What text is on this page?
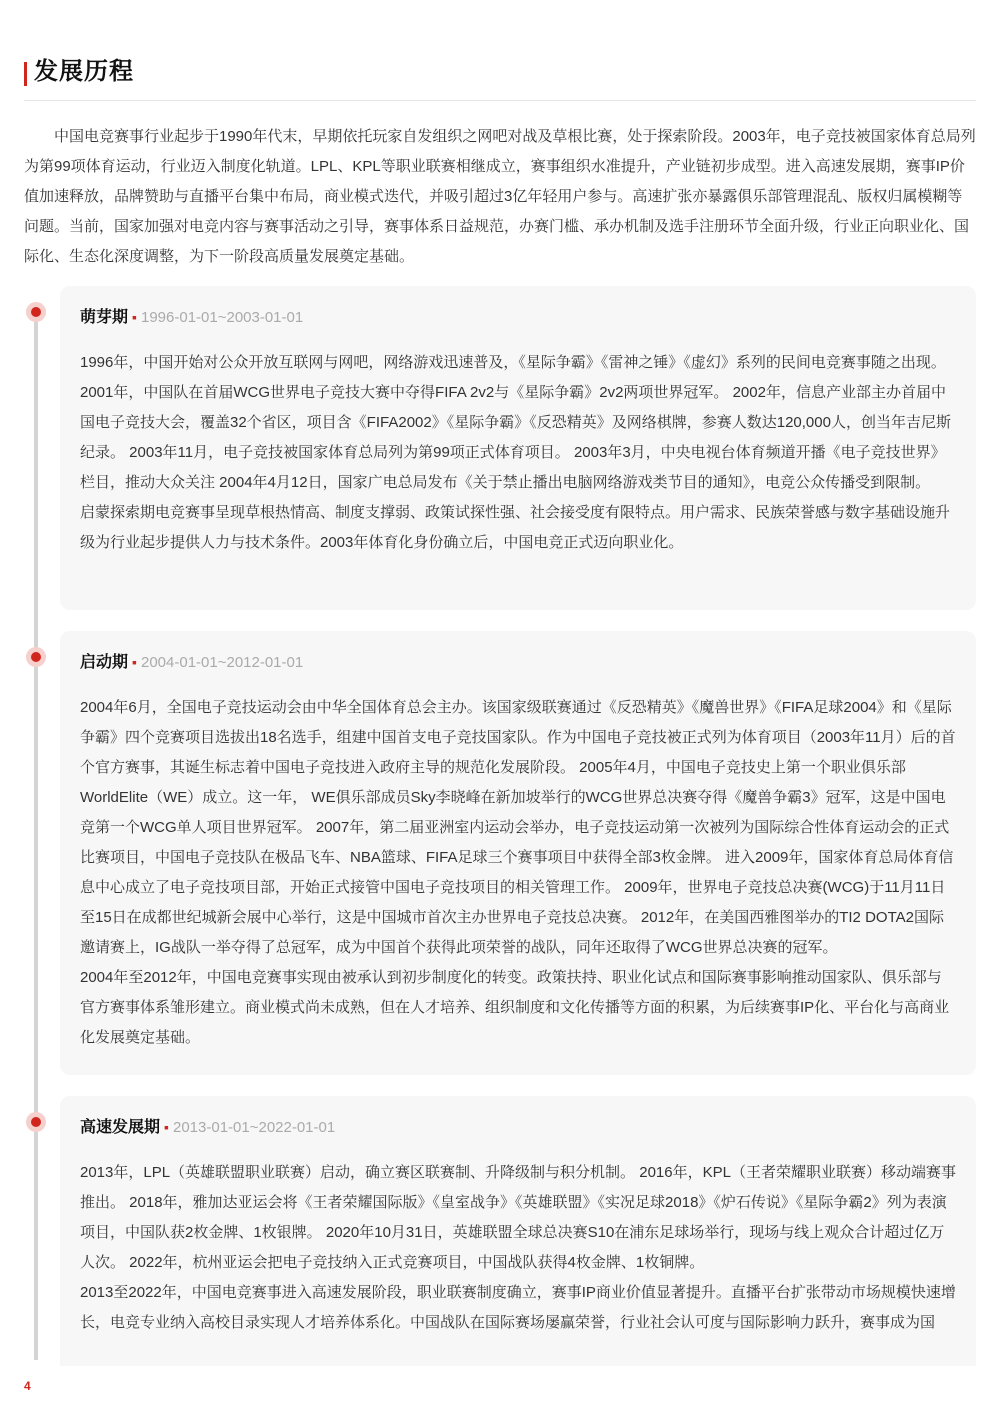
发展历程

中国电竞赛事行业起步于1990年代末，早期依托玩家自发组织之网吧对战及草根比赛，处于探索阶段。2003年，电子竞技被国家体育总局列为第99项体育运动，行业迈入制度化轨道。LPL、KPL等职业联赛相继成立，赛事组织水准提升，产业链初步成型。进入高速发展期，赛事IP价值加速释放，品牌赞助与直播平台集中布局，商业模式迭代，并吸引超过3亿年轻用户参与。高速扩张亦暴露俱乐部管理混乱、版权归属模糊等问题。当前，国家加强对电竞内容与赛事活动之引导，赛事体系日益规范，办赛门槛、承办机制及选手注册环节全面升级，行业正向职业化、国际化、生态化深度调整，为下一阶段高质量发展奠定基础。

萌芽期 ▪ 1996-01-01~2003-01-01

1996年，中国开始对公众开放互联网与网吧，网络游戏迅速普及，《星际争霸》《雷神之锤》《虚幻》系列的民间电竞赛事随之出现。 2001年，中国队在首届WCG世界电子竞技大赛中夺得FIFA 2v2与《星际争霸》2v2两项世界冠军。 2002年，信息产业部主办首届中国电子竞技大会，覆盖32个省区，项目含《FIFA2002》《星际争霸》《反恐精英》及网络棋牌，参赛人数达120,000人，创当年吉尼斯纪录。 2003年11月，电子竞技被国家体育总局列为第99项正式体育项目。 2003年3月，中央电视台体育频道开播《电子竞技世界》栏目，推动大众关注 2004年4月12日，国家广电总局发布《关于禁止播出电脑网络游戏类节目的通知》，电竞公众传播受到限制。

启蒙探索期电竞赛事呈现草根热情高、制度支撑弱、政策试探性强、社会接受度有限特点。用户需求、民族荣誉感与数字基础设施升级为行业起步提供人力与技术条件。2003年体育化身份确立后，中国电竞正式迈向职业化。

启动期 ▪ 2004-01-01~2012-01-01

2004年6月，全国电子竞技运动会由中华全国体育总会主办。该国家级联赛通过《反恐精英》《魔兽世界》《FIFA足球2004》和《星际争霸》四个竞赛项目选拔出18名选手，组建中国首支电子竞技国家队。作为中国电子竞技被正式列为体育项目（2003年11月）后的首个官方赛事，其诞生标志着中国电子竞技进入政府主导的规范化发展阶段。 2005年4月，中国电子竞技史上第一个职业俱乐部WorldElite（WE）成立。这一年， WE俱乐部成员Sky李晓峰在新加坡举行的WCG世界总决赛夺得《魔兽争霸3》冠军，这是中国电竞第一个WCG单人项目世界冠军。 2007年，第二届亚洲室内运动会举办，电子竞技运动第一次被列为国际综合性体育运动会的正式比赛项目，中国电子竞技队在极品飞车、NBA篮球、FIFA足球三个赛事项目中获得全部3枚金牌。 进入2009年，国家体育总局体育信息中心成立了电子竞技项目部，开始正式接管中国电子竞技项目的相关管理工作。 2009年，世界电子竞技总决赛(WCG)于11月11日至15日在成都世纪城新会展中心举行，这是中国城市首次主办世界电子竞技总决赛。 2012年，在美国西雅图举办的TI2 DOTA2国际邀请赛上，IG战队一举夺得了总冠军，成为中国首个获得此项荣誉的战队，同年还取得了WCG世界总决赛的冠军。

2004年至2012年，中国电竞赛事实现由被承认到初步制度化的转变。政策扶持、职业化试点和国际赛事影响推动国家队、俱乐部与官方赛事体系雏形建立。商业模式尚未成熟，但在人才培养、组织制度和文化传播等方面的积累，为后续赛事IP化、平台化与高商业化发展奠定基础。

高速发展期 ▪ 2013-01-01~2022-01-01

2013年，LPL（英雄联盟职业联赛）启动，确立赛区联赛制、升降级制与积分机制。 2016年，KPL（王者荣耀职业联赛）移动端赛事推出。 2018年，雅加达亚运会将《王者荣耀国际版》《皇室战争》《英雄联盟》《实况足球2018》《炉石传说》《星际争霸2》列为表演项目，中国队获2枚金牌、1枚银牌。 2020年10月31日，英雄联盟全球总决赛S10在浦东足球场举行，现场与线上观众合计超过亿万人次。 2022年，杭州亚运会把电子竞技纳入正式竞赛项目，中国战队获得4枚金牌、1枚铜牌。

2013至2022年，中国电竞赛事进入高速发展阶段，职业联赛制度确立，赛事IP商业价值显著提升。直播平台扩张带动市场规模快速增长，电竞专业纳入高校目录实现人才培养体系化。中国战队在国际赛场屡赢荣誉，行业社会认可度与国际影响力跃升，赛事成为国

4
